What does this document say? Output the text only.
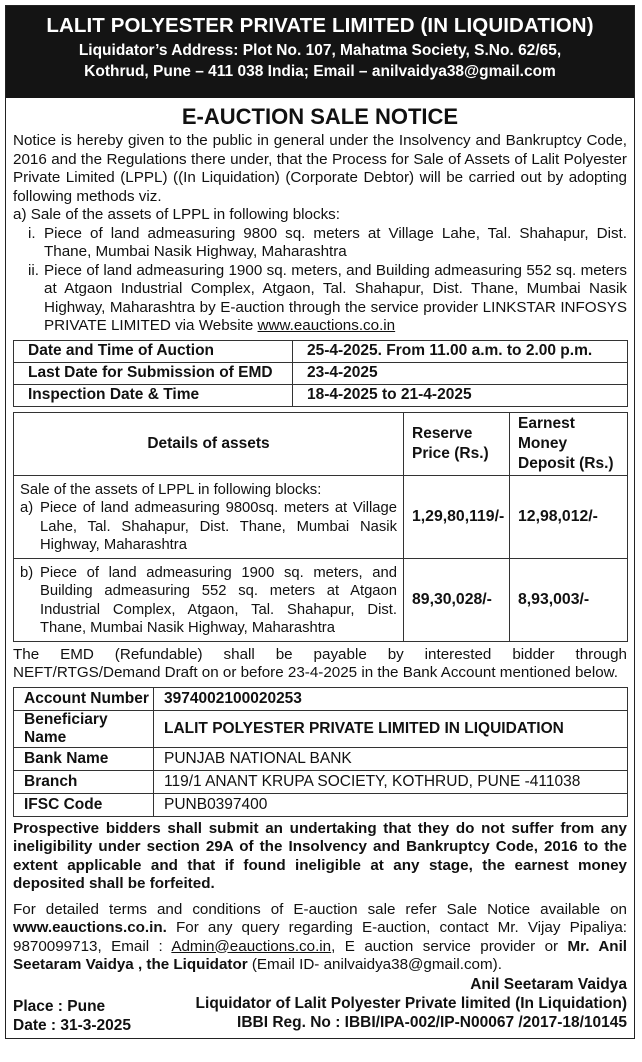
LALIT POLYESTER PRIVATE LIMITED (IN LIQUIDATION)
Liquidator’s Address: Plot No. 107, Mahatma Society, S.No. 62/65,
Kothrud, Pune – 411 038 India; Email – anilvaidya38@gmail.com
E-AUCTION SALE NOTICE
Notice is hereby given to the public in general under the Insolvency and Bankruptcy Code, 2016 and the Regulations there under, that the Process for Sale of Assets of Lalit Polyester Private Limited (LPPL) ((In Liquidation) (Corporate Debtor) will be carried out by adopting following methods viz.
a) Sale of the assets of LPPL in following blocks:
i. Piece of land admeasuring 9800 sq. meters at Village Lahe, Tal. Shahapur, Dist. Thane, Mumbai Nasik Highway, Maharashtra
ii. Piece of land admeasuring 1900 sq. meters, and Building admeasuring 552 sq. meters at Atgaon Industrial Complex, Atgaon, Tal. Shahapur, Dist. Thane, Mumbai Nasik Highway, Maharashtra by E-auction through the service provider LINKSTAR INFOSYS PRIVATE LIMITED via Website www.eauctions.co.in
Date and Time of Auction	25-4-2025. From 11.00 a.m. to 2.00 p.m.
Last Date for Submission of EMD	23-4-2025
Inspection Date & Time	18-4-2025 to 21-4-2025
Details of assets	Reserve Price (Rs.)	Earnest Money Deposit (Rs.)

Sale of the assets of LPPL in following blocks:
a) Piece of land admeasuring 9800sq. meters at Village Lahe, Tal. Shahapur, Dist. Thane, Mumbai Nasik Highway, Maharashtra	1,29,80,119/-	12,98,012/-

b) Piece of land admeasuring 1900 sq. meters, and Building admeasuring 552 sq. meters at Atgaon Industrial Complex, Atgaon, Tal. Shahapur, Dist. Thane, Mumbai Nasik Highway, Maharashtra	89,30,028/-	8,93,003/-
The EMD (Refundable) shall be payable by interested bidder through NEFT/RTGS/Demand Draft on or before 23-4-2025 in the Bank Account mentioned below.
Account Number	3974002100020253
Beneficiary Name	LALIT POLYESTER PRIVATE LIMITED IN LIQUIDATION
Bank Name	PUNJAB NATIONAL BANK
Branch	119/1 ANANT KRUPA SOCIETY, KOTHRUD, PUNE -411038
IFSC Code	PUNB0397400
Prospective bidders shall submit an undertaking that they do not suffer from any ineligibility under section 29A of the Insolvency and Bankruptcy Code, 2016 to the extent applicable and that if found ineligible at any stage, the earnest money deposited shall be forfeited.
For detailed terms and conditions of E-auction sale refer Sale Notice available on www.eauctions.co.in. For any query regarding E-auction, contact Mr. Vijay Pipaliya: 9870099713, Email : Admin@eauctions.co.in, E auction service provider or Mr. Anil Seetaram Vaidya , the Liquidator (Email ID- anilvaidya38@gmail.com).
Place : Pune
Date : 31-3-2025
Anil Seetaram Vaidya
Liquidator of Lalit Polyester Private limited (In Liquidation)
IBBI Reg. No : IBBI/IPA-002/IP-N00067 /2017-18/10145
